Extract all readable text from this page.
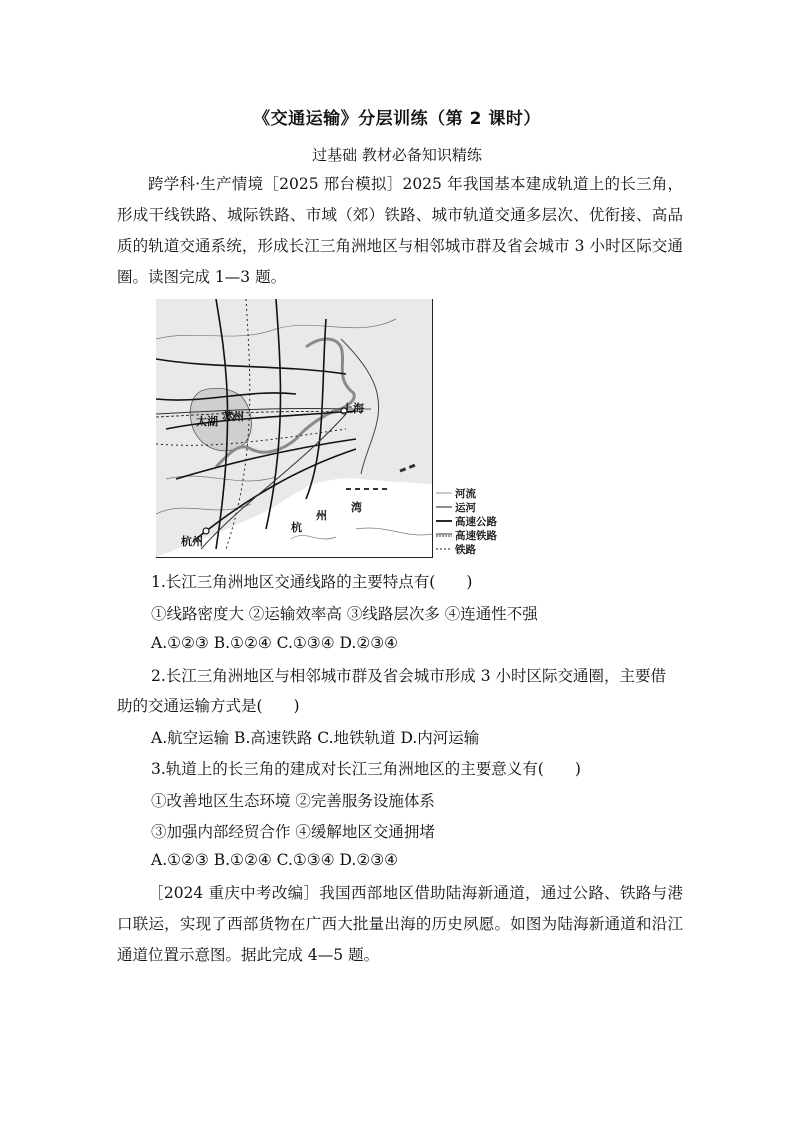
《交通运输》分层训练（第 2 课时）
过基础 教材必备知识精练

跨学科·生产情境［2025 邢台模拟］2025 年我国基本建成轨道上的长三角，形成干线铁路、城际铁路、市域（郊）铁路、城市轨道交通多层次、优衔接、高品质的轨道交通系统，形成长江三角洲地区与相邻城市群及省会城市 3 小时区际交通圈。读图完成 1—3 题。

太湖 苏州
上海
杭州
杭
州
湾
河流
运河
高速公路
高速铁路
铁路
1.长江三角洲地区交通线路的主要特点有(　　)
①线路密度大 ②运输效率高 ③线路层次多 ④连通性不强
A.①②③ B.①②④ C.①③④ D.②③④
2.长江三角洲地区与相邻城市群及省会城市形成 3 小时区际交通圈，主要借
助的交通运输方式是(　　)
A.航空运输 B.高速铁路 C.地铁轨道 D.内河运输
3.轨道上的长三角的建成对长江三角洲地区的主要意义有(　　)
①改善地区生态环境 ②完善服务设施体系
③加强内部经贸合作 ④缓解地区交通拥堵
A.①②③ B.①②④ C.①③④ D.②③④

［2024 重庆中考改编］我国西部地区借助陆海新通道，通过公路、铁路与港口联运，实现了西部货物在广西大批量出海的历史夙愿。如图为陆海新通道和沿江通道位置示意图。据此完成 4—5 题。
